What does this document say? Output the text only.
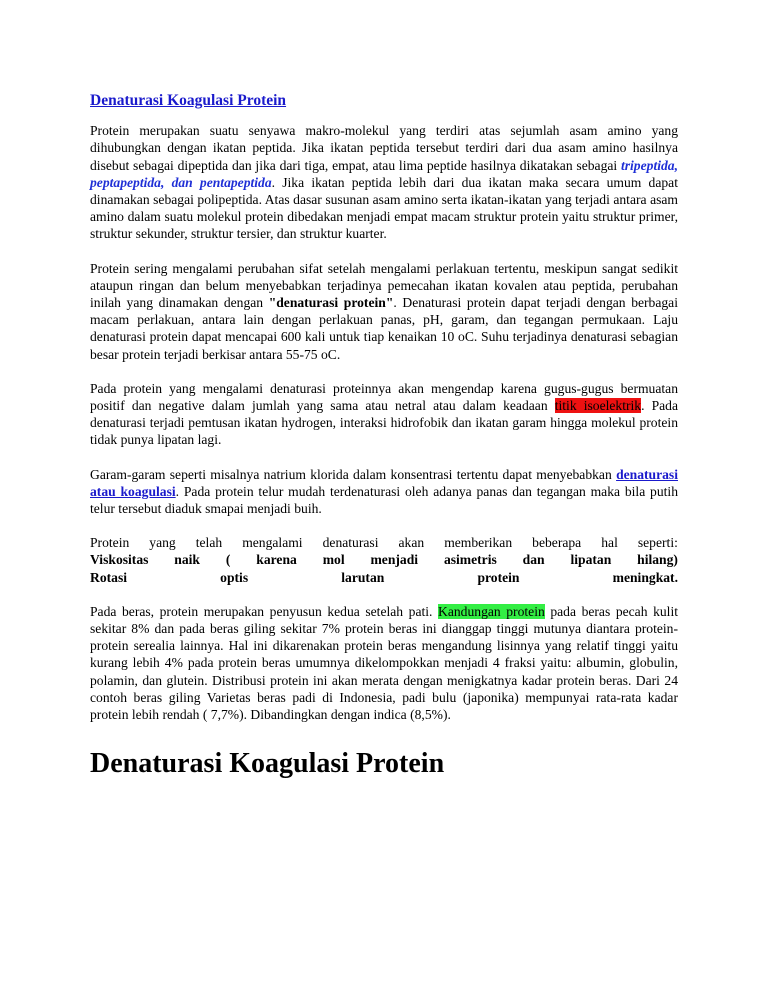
Denaturasi Koagulasi Protein

Protein merupakan suatu senyawa makro-molekul yang terdiri atas sejumlah asam amino yang dihubungkan dengan ikatan peptida. Jika ikatan peptida tersebut terdiri dari dua asam amino hasilnya disebut sebagai dipeptida dan jika dari tiga, empat, atau lima peptide hasilnya dikatakan sebagai tripeptida, peptapeptida, dan pentapeptida. Jika ikatan peptida lebih dari dua ikatan maka secara umum dapat dinamakan sebagai polipeptida. Atas dasar susunan asam amino serta ikatan-ikatan yang terjadi antara asam amino dalam suatu molekul protein dibedakan menjadi empat macam struktur protein yaitu struktur primer, struktur sekunder, struktur tersier, dan struktur kuarter.

Protein sering mengalami perubahan sifat setelah mengalami perlakuan tertentu, meskipun sangat sedikit ataupun ringan dan belum menyebabkan terjadinya pemecahan ikatan kovalen atau peptida, perubahan inilah yang dinamakan dengan "denaturasi protein". Denaturasi protein dapat terjadi dengan berbagai macam perlakuan, antara lain dengan perlakuan panas, pH, garam, dan tegangan permukaan. Laju denaturasi protein dapat mencapai 600 kali untuk tiap kenaikan 10 oC. Suhu terjadinya denaturasi sebagian besar protein terjadi berkisar antara 55-75 oC.

Pada protein yang mengalami denaturasi proteinnya akan mengendap karena gugus-gugus bermuatan positif dan negative dalam jumlah yang sama atau netral atau dalam keadaan titik isoelektrik. Pada denaturasi terjadi pemtusan ikatan hydrogen, interaksi hidrofobik dan ikatan garam hingga molekul protein tidak punya lipatan lagi.

Garam-garam seperti misalnya natrium klorida dalam konsentrasi tertentu dapat menyebabkan denaturasi atau koagulasi. Pada protein telur mudah terdenaturasi oleh adanya panas dan tegangan maka bila putih telur tersebut diaduk smapai menjadi buih.

Protein yang telah mengalami denaturasi akan memberikan beberapa hal seperti:
Viskositas naik ( karena mol menjadi asimetris dan lipatan hilang)
Rotasi	optis	larutan	protein	meningkat.

Pada beras, protein merupakan penyusun kedua setelah pati. Kandungan protein pada beras pecah kulit sekitar 8% dan pada beras giling sekitar 7% protein beras ini dianggap tinggi mutunya diantara protein-protein serealia lainnya. Hal ini dikarenakan protein beras mengandung lisinnya yang relatif tinggi yaitu kurang lebih 4% pada protein beras umumnya dikelompokkan menjadi 4 fraksi yaitu: albumin, globulin, polamin, dan glutein. Distribusi protein ini akan merata dengan menigkatnya kadar protein beras. Dari 24 contoh beras giling Varietas beras padi di Indonesia, padi bulu (japonika) mempunyai rata-rata kadar protein lebih rendah ( 7,7%). Dibandingkan dengan indica (8,5%).

Denaturasi Koagulasi Protein
